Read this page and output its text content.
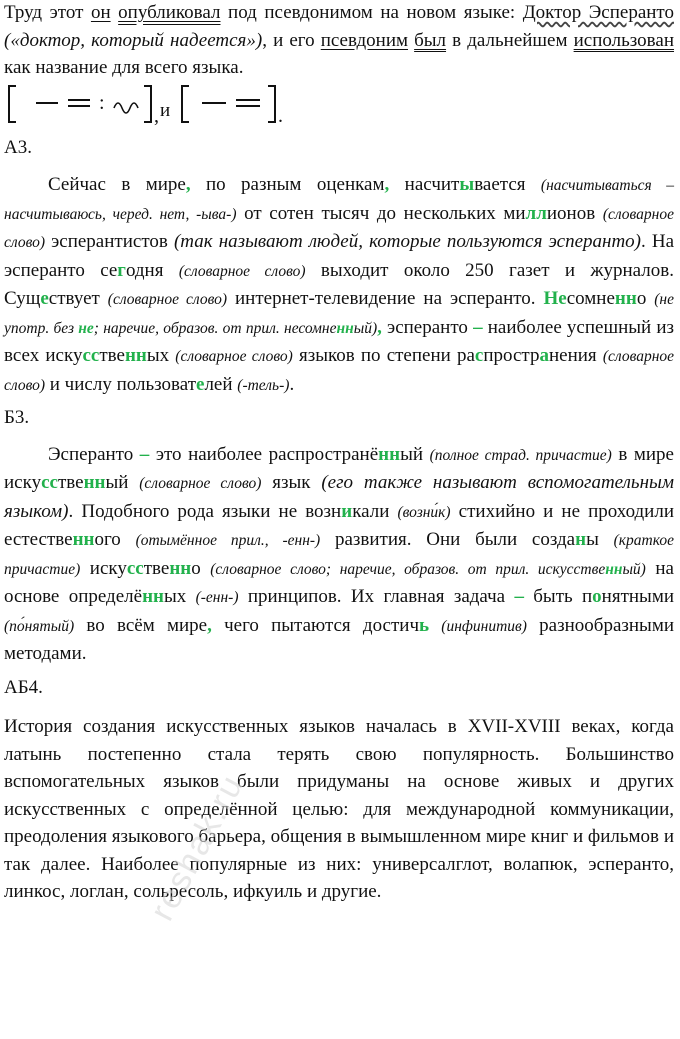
Труд этот он опубликовал под псевдонимом на новом языке: Доктор Эсперанто («доктор, который надеется»), и его псевдоним был в дальнейшем использован как название для всего языка.

:
, и	.

А3.

Сейчас в мире, по разным оценкам, насчитывается (насчитываться – насчитываюсь, черед. нет, -ыва-) от сотен тысяч до нескольких миллионов (словарное слово) эсперантистов (так называют людей, которые пользуются эсперанто). На эсперанто сегодня (словарное слово) выходит около 250 газет и журналов. Существует (словарное слово) интернет-телевидение на эсперанто. Несомненно (не употр. без не; наречие, образов. от прил. несомненный), эсперанто – наиболее успешный из всех искусственных (словарное слово) языков по степени распространения (словарное слово) и числу пользователей (-тель-).

Б3.

Эсперанто – это наиболее распространённый (полное страд. причастие) в мире искусственный (словарное слово) язык (его также называют вспомогательным языком). Подобного рода языки не возникали (возни́к) стихийно и не проходили естественного (отымённое прил., -енн-) развития. Они были созданы (краткое причастие) искусственно (словарное слово; наречие, образов. от прил. искусственный) на основе определённых (-енн-) принципов. Их главная задача – быть понятными (по́нятый) во всём мире, чего пытаются достичь (инфинитив) разнообразными методами.

АБ4.

История создания искусственных языков началась в XVII-XVIII веках, когда латынь постепенно стала терять свою популярность. Большинство вспомогательных языков были придуманы на основе живых и других искусственных с определённой целью: для международной коммуникации, преодоления языкового барьера, общения в вымышленном мире книг и фильмов и так далее. Наиболее популярные из них: универсалглот, волапюк, эсперанто, линкос, логлан, сольресоль, ифкуиль и другие.

reshak.ru
